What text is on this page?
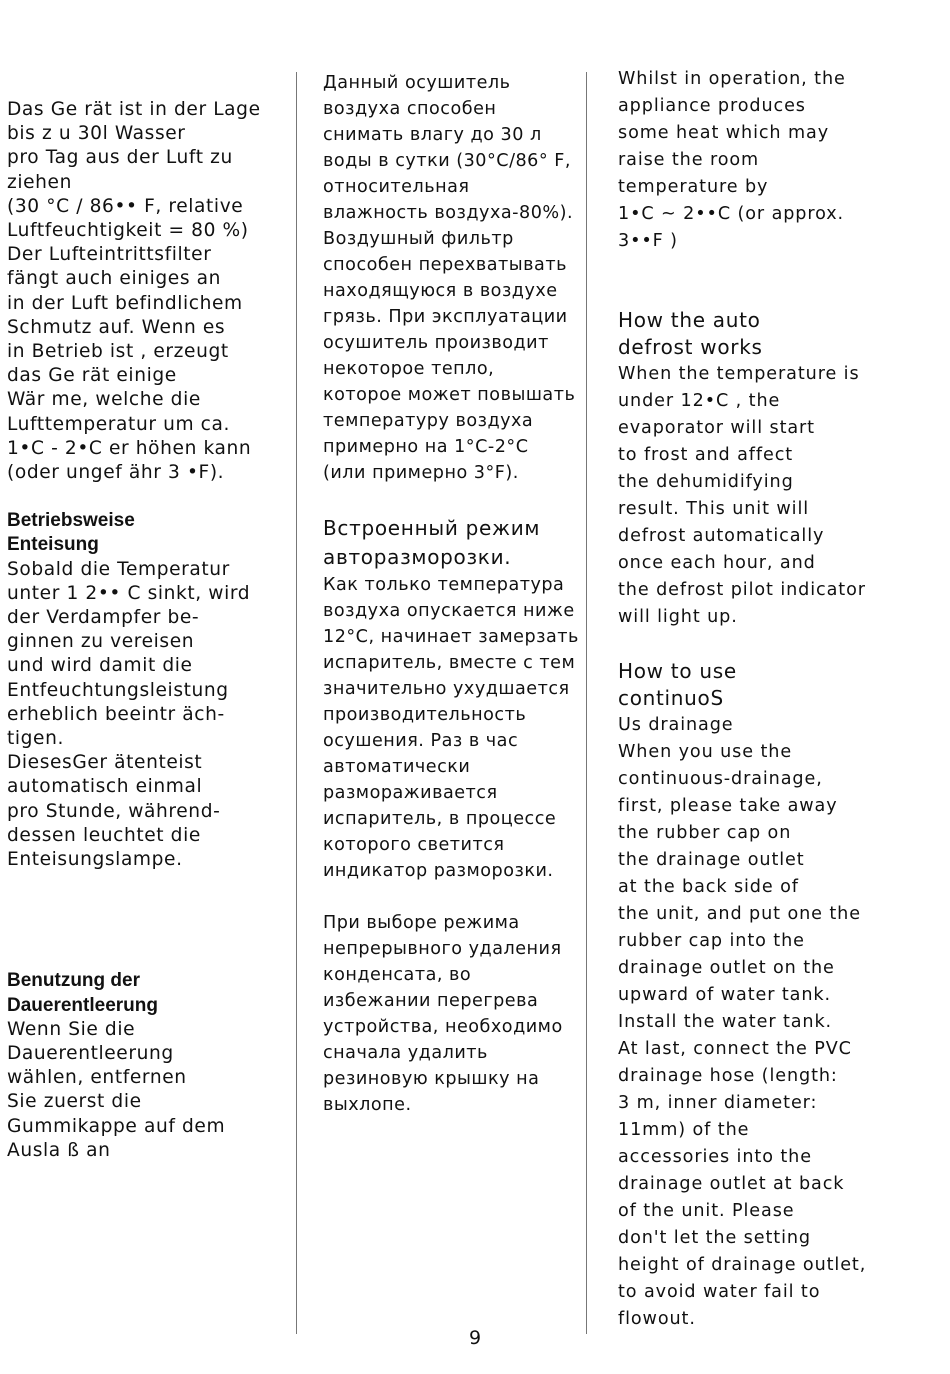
Das Ge rät ist in der Lage
bis z u 30l Wasser
pro Tag aus der Luft zu
ziehen
(30 °C / 86•• F, relative
Luftfeuchtigkeit = 80 %)
Der Lufteintrittsfilter
fängt auch einiges an
in der Luft befindlichem
Schmutz auf. Wenn es
in Betrieb ist , erzeugt
das Ge rät einige
Wär me, welche die
Lufttemperatur um ca.
1•C - 2•C er höhen kann
(oder ungef ähr 3 •F).

Betriebsweise
Enteisung

Sobald die Temperatur
unter 1 2•• C sinkt, wird
der Verdampfer be-
ginnen zu vereisen
und wird damit die
Entfeuchtungsleistung
erheblich beeintr äch-
tigen.
DiesesGer ätenteist
automatisch einmal
pro Stunde, während-
dessen leuchtet die
Enteisungslampe.

Benutzung der
Dauerentleerung

Wenn Sie die
Dauerentleerung
wählen, entfernen
Sie zuerst die
Gummikappe auf dem
Ausla ß an

Данный осушитель
воздуха способен
снимать влагу до 30 л
воды в сутки (30°C/86° F,
относительная
влажность воздуха-80%).
Воздушный фильтр
способен перехватывать
находящуюся в воздухе
грязь. При эксплуатации
осушитель производит
некоторое тепло,
которое может повышать
температуру воздуха
примерно на 1°C-2°C
(или примерно 3°F).

Встроенный режим
авторазморозки.

Как только температура
воздуха опускается ниже
12°C, начинает замерзать
испаритель, вместе с тем
значительно ухудшается
производительность
осушения. Раз в час
автоматически
размораживается
испаритель, в процессе
которого светится
индикатор разморозки.

При выборе режима
непрерывного удаления
конденсата, во
избежании перегрева
устройства, необходимо
сначала удалить
резиновую крышку на
выхлопе.

Whilst in operation, the
appliance produces
some heat which may
raise the room
temperature by
1•C ~ 2••C (or approx.
3••F )

How the auto
defrost works

When the temperature is
under 12•C , the
evaporator will start
to frost and affect
the dehumidifying
result. This unit will
defrost automatically
once each hour, and
the defrost pilot indicator
will light up.

How to use
continuoS

Us drainage

When you use the
continuous-drainage,
first, please take away
the rubber cap on
the drainage outlet
at the back side of
the unit, and put one the
rubber cap into the
drainage outlet on the
upward of water tank.
Install the water tank.
At last, connect the PVC
drainage hose (length:
3 m, inner diameter:
11mm) of the
accessories into the
drainage outlet at back
of the unit. Please
don't let the setting
height of drainage outlet,
to avoid water fail to
flowout.

9
